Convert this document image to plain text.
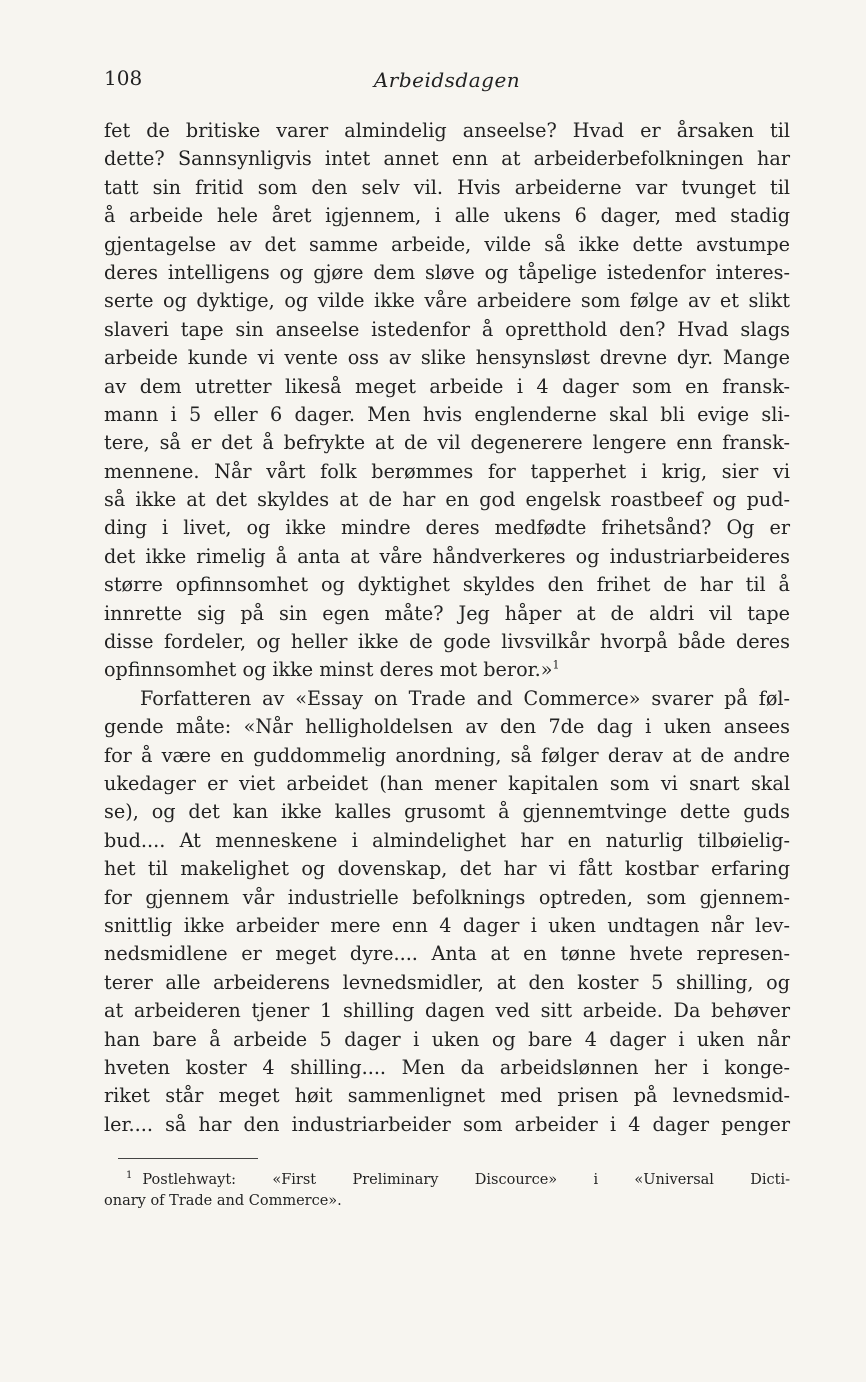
108	Arbeidsdagen
fet de britiske varer almindelig anseelse? Hvad er årsaken til
dette? Sannsynligvis intet annet enn at arbeiderbefolkningen har
tatt sin fritid som den selv vil. Hvis arbeiderne var tvunget til
å arbeide hele året igjennem, i alle ukens 6 dager, med stadig
gjentagelse av det samme arbeide, vilde så ikke dette avstumpe
deres intelligens og gjøre dem sløve og tåpelige istedenfor interes-
serte og dyktige, og vilde ikke våre arbeidere som følge av et slikt
slaveri tape sin anseelse istedenfor å opretthold den? Hvad slags
arbeide kunde vi vente oss av slike hensynsløst drevne dyr. Mange
av dem utretter likeså meget arbeide i 4 dager som en fransk-
mann i 5 eller 6 dager. Men hvis englenderne skal bli evige sli-
tere, så er det å befrykte at de vil degenerere lengere enn fransk-
mennene. Når vårt folk berømmes for tapperhet i krig, sier vi
så ikke at det skyldes at de har en god engelsk roastbeef og pud-
ding i livet, og ikke mindre deres medfødte frihetsånd? Og er
det ikke rimelig å anta at våre håndverkeres og industriarbeideres
større opfinnsomhet og dyktighet skyldes den frihet de har til å
innrette sig på sin egen måte? Jeg håper at de aldri vil tape
disse fordeler, og heller ikke de gode livsvilkår hvorpå både deres
opfinnsomhet og ikke minst deres mot beror.»$^1$
Forfatteren av «Essay on Trade and Commerce» svarer på føl-
gende måte: «Når helligholdelsen av den 7de dag i uken ansees
for å være en guddommelig anordning, så følger derav at de andre
ukedager er viet arbeidet (han mener kapitalen som vi snart skal
se), og det kan ikke kalles grusomt å gjennemtvinge dette guds
bud.... At menneskene i almindelighet har en naturlig tilbøielig-
het til makelighet og dovenskap, det har vi fått kostbar erfaring
for gjennem vår industrielle befolknings optreden, som gjennem-
snittlig ikke arbeider mere enn 4 dager i uken undtagen når lev-
nedsmidlene er meget dyre.... Anta at en tønne hvete represen-
terer alle arbeiderens levnedsmidler, at den koster 5 shilling, og
at arbeideren tjener 1 shilling dagen ved sitt arbeide. Da behøver
han bare å arbeide 5 dager i uken og bare 4 dager i uken når
hveten koster 4 shilling.... Men da arbeidslønnen her i konge-
riket står meget høit sammenlignet med prisen på levnedsmid-
ler.... så har den industriarbeider som arbeider i 4 dager penger
$^1$ Postlehwayt: «First Preliminary Discource» i «Universal Dicti-
onary of Trade and Commerce».
